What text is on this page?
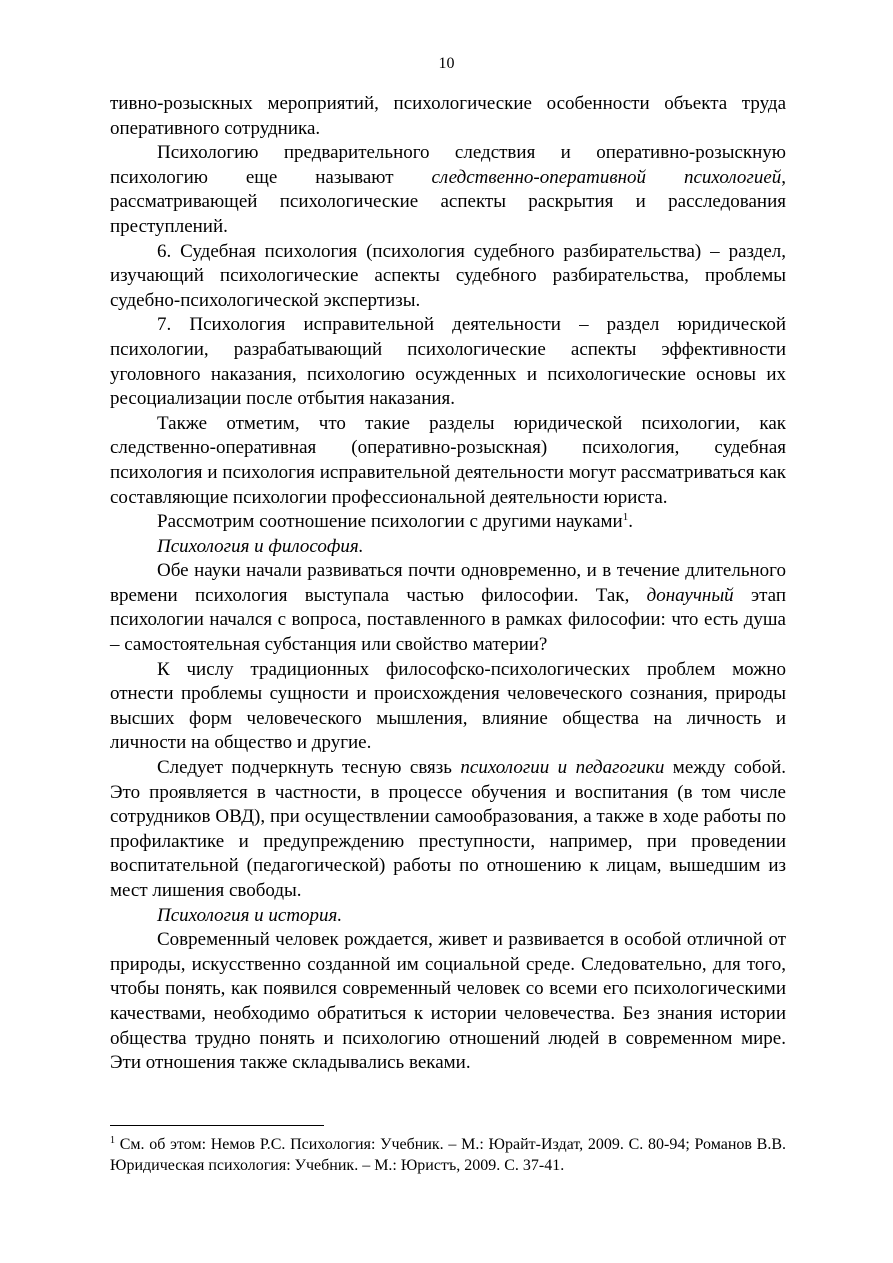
10

тивно-розыскных мероприятий, психологические особенности объекта труда оперативного сотрудника.

Психологию предварительного следствия и оперативно-розыскную психологию еще называют следственно-оперативной психологией, рассматривающей психологические аспекты раскрытия и расследования преступлений.

6. Судебная психология (психология судебного разбирательства) – раздел, изучающий психологические аспекты судебного разбирательства, проблемы судебно-психологической экспертизы.

7. Психология исправительной деятельности – раздел юридической психологии, разрабатывающий психологические аспекты эффективности уголовного наказания, психологию осужденных и психологические основы их ресоциализации после отбытия наказания.

Также отметим, что такие разделы юридической психологии, как следственно-оперативная (оперативно-розыскная) психология, судебная психология и психология исправительной деятельности могут рассматриваться как составляющие психологии профессиональной деятельности юриста.

Рассмотрим соотношение психологии с другими науками$^1$.

Психология и философия.

Обе науки начали развиваться почти одновременно, и в течение длительного времени психология выступала частью философии. Так, донаучный этап психологии начался с вопроса, поставленного в рамках философии: что есть душа – самостоятельная субстанция или свойство материи?

К числу традиционных философско-психологических проблем можно отнести проблемы сущности и происхождения человеческого сознания, природы высших форм человеческого мышления, влияние общества на личность и личности на общество и другие.

Следует подчеркнуть тесную связь психологии и педагогики между собой. Это проявляется в частности, в процессе обучения и воспитания (в том числе сотрудников ОВД), при осуществлении самообразования, а также в ходе работы по профилактике и предупреждению преступности, например, при проведении воспитательной (педагогической) работы по отношению к лицам, вышедшим из мест лишения свободы.

Психология и история.

Современный человек рождается, живет и развивается в особой отличной от природы, искусственно созданной им социальной среде. Следовательно, для того, чтобы понять, как появился современный человек со всеми его психологическими качествами, необходимо обратиться к истории человечества. Без знания истории общества трудно понять и психологию отношений людей в современном мире. Эти отношения также складывались веками.

$^1$ См. об этом: Немов Р.С. Психология: Учебник. – М.: Юрайт-Издат, 2009. С. 80-94; Романов В.В. Юридическая психология: Учебник. – М.: Юристъ, 2009. С. 37-41.
